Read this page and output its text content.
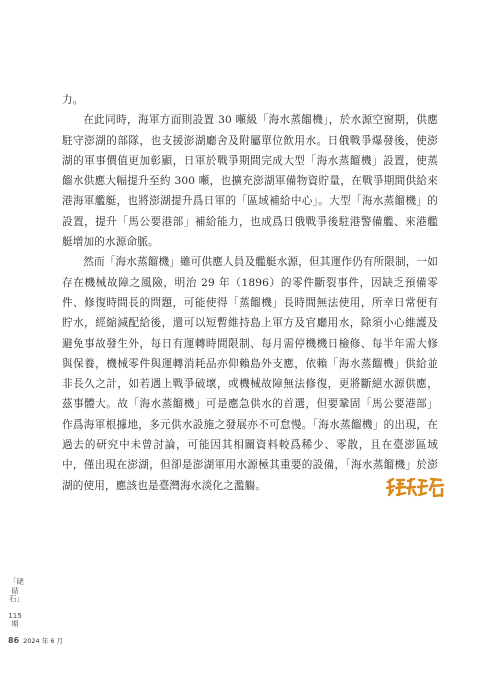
力。

在此同時，海軍方面則設置 30 噸級「海水蒸餾機」，於水源空窗期，供應駐守澎湖的部隊，也支援澎湖廳舍及附屬單位飲用水。日俄戰爭爆發後，使澎湖的軍事價值更加彰顯，日軍於戰爭期間完成大型「海水蒸餾機」設置，使蒸餾水供應大幅提升至約 300 噸，也擴充澎湖軍備物資貯量，在戰爭期間供給來港海軍艦艇，也將澎湖提升爲日軍的「區域補給中心」。大型「海水蒸餾機」的設置，提升「馬公要港部」補給能力，也成爲日俄戰爭後駐港警備艦、來港艦艇增加的水源命脈。

然而「海水蒸餾機」雖可供應人員及艦艇水源，但其運作仍有所限制，一如存在機械故障之風險，明治 29 年（1896）的零件斷裂事件，因缺乏預備零件、修復時間長的問題，可能使得「蒸餾機」長時間無法使用，所幸日常便有貯水，經縮減配給後，還可以短暫維持島上軍方及官廳用水，除須小心維護及避免事故發生外，每日有運轉時間限制、每月需停機機日檢修、每半年需大修與保養，機械零件與運轉消耗品亦仰賴島外支應，依賴「海水蒸餾機」供給並非長久之計，如若遇上戰爭破壞，或機械故障無法修復，更將斷絕水源供應，茲事體大。故「海水蒸餾機」可是應急供水的首選，但要鞏固「馬公要港部」作爲海軍根據地，多元供水設施之發展亦不可怠慢。「海水蒸餾機」的出現，在過去的研究中未曾討論，可能因其相關資料較爲稀少、零散，且在臺澎區域中，僅出現在澎湖，但卻是澎湖軍用水源極其重要的設備，「海水蒸餾機」於澎湖的使用，應該也是臺灣海水淡化之濫觴。

「硓𥑮石」
115 期
86 2024 年 6 月
